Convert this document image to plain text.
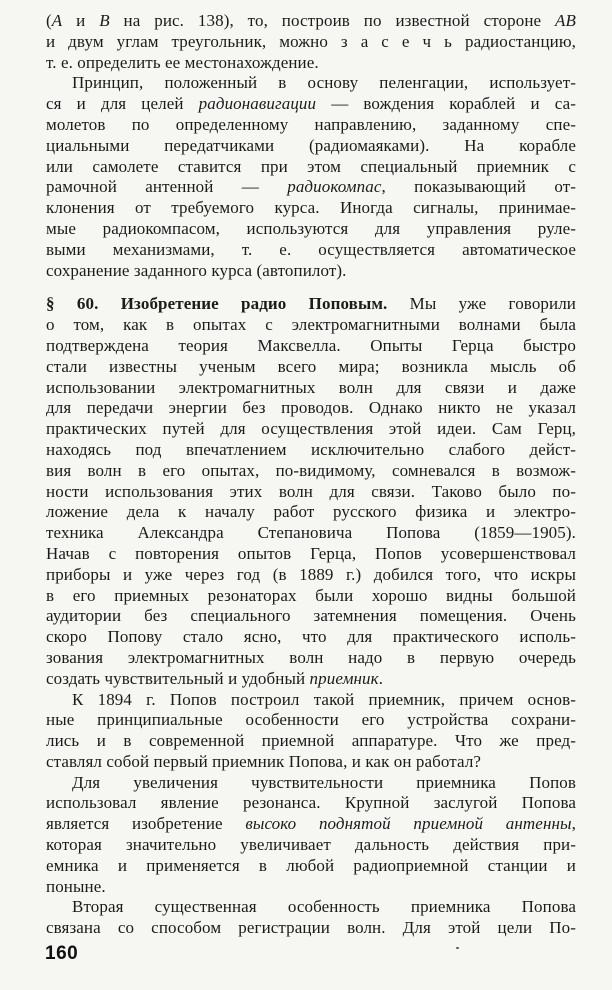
(А и В на рис. 138), то, построив по известной стороне АВ
и двум углам треугольник, можно з а с е ч ь радиостанцию,
т. е. определить ее местонахождение.
Принцип, положенный в основу пеленгации, использует-
ся и для целей радионавигации — вождения кораблей и са-
молетов по определенному направлению, заданному спе-
циальными передатчиками (радиомаяками). На корабле
или самолете ставится при этом специальный приемник с
рамочной антенной — радиокомпас, показывающий от-
клонения от требуемого курса. Иногда сигналы, принимае-
мые радиокомпасом, используются для управления руле-
выми механизмами, т. е. осуществляется автоматическое
сохранение заданного курса (автопилот).
§ 60. Изобретение радио Поповым. Мы уже говорили
о том, как в опытах с электромагнитными волнами была
подтверждена теория Максвелла. Опыты Герца быстро
стали известны ученым всего мира; возникла мысль об
использовании электромагнитных волн для связи и даже
для передачи энергии без проводов. Однако никто не указал
практических путей для осуществления этой идеи. Сам Герц,
находясь под впечатлением исключительно слабого дейст-
вия волн в его опытах, по-видимому, сомневался в возмож-
ности использования этих волн для связи. Таково было по-
ложение дела к началу работ русского физика и электро-
техника Александра Степановича Попова (1859—1905).
Начав с повторения опытов Герца, Попов усовершенствовал
приборы и уже через год (в 1889 г.) добился того, что искры
в его приемных резонаторах были хорошо видны большой
аудитории без специального затемнения помещения. Очень
скоро Попову стало ясно, что для практического исполь-
зования электромагнитных волн надо в первую очередь
создать чувствительный и удобный приемник.
К 1894 г. Попов построил такой приемник, причем основ-
ные принципиальные особенности его устройства сохрани-
лись и в современной приемной аппаратуре. Что же пред-
ставлял собой первый приемник Попова, и как он работал?
Для увеличения чувствительности приемника Попов
использовал явление резонанса. Крупной заслугой Попова
является изобретение высоко поднятой приемной антенны,
которая значительно увеличивает дальность действия при-
емника и применяется в любой радиоприемной станции и
поныне.
Вторая существенная особенность приемника Попова
связана со способом регистрации волн. Для этой цели По-
160
